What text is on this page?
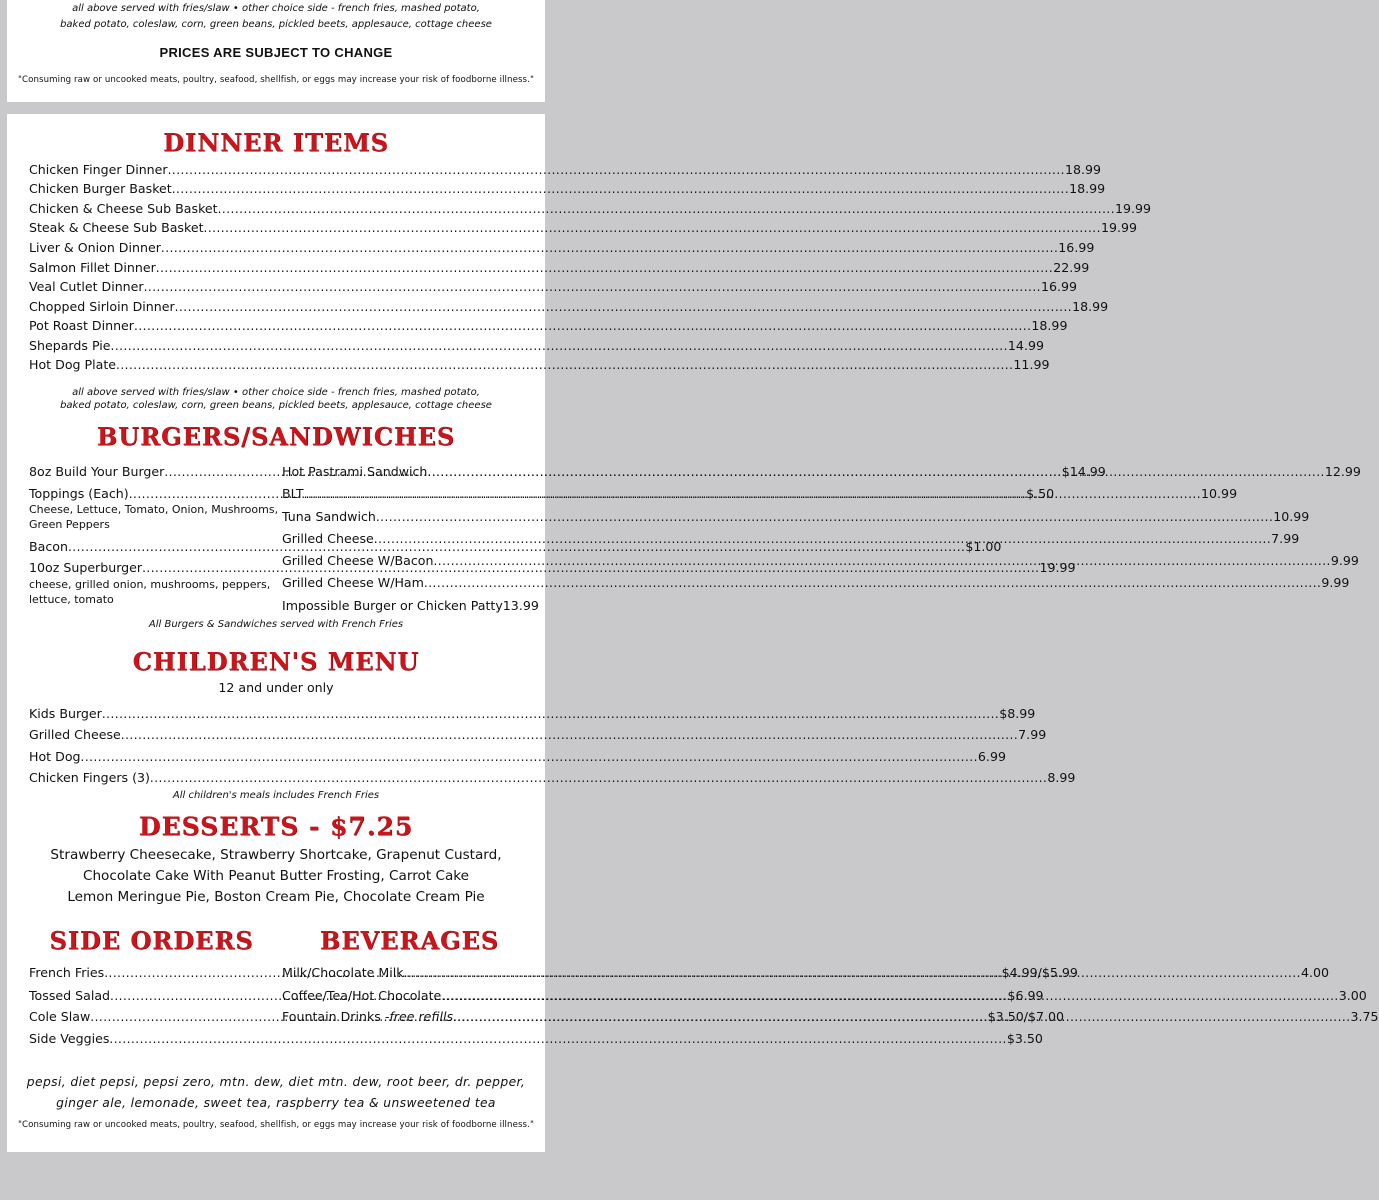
all above served with fries/slaw • other choice side - french fries, mashed potato,
baked potato, coleslaw, corn, green beans, pickled beets, applesauce, cottage cheese
PRICES ARE SUBJECT TO CHANGE
"Consuming raw or uncooked meats, poultry, seafood, shellfish, or eggs may increase your risk of foodborne illness."
DINNER ITEMS
Chicken Finger Dinner .....	18.99
Chicken Burger Basket .....	18.99
Chicken & Cheese Sub Basket .....	19.99
Steak & Cheese Sub Basket .....	19.99
Liver & Onion Dinner .....	16.99
Salmon Fillet Dinner .....	22.99
Veal Cutlet Dinner .....	16.99
Chopped Sirloin Dinner .....	18.99
Pot Roast Dinner .....	18.99
Shepards Pie .....	14.99
Hot Dog Plate .....	11.99
all above served with fries/slaw • other choice side - french fries, mashed potato,
baked potato, coleslaw, corn, green beans, pickled beets, applesauce, cottage cheese
BURGERS/SANDWICHES
8oz Build Your Burger .....	$14.99
Toppings (Each) .....	$.50
Bacon .....	$1.00
10oz Superburger .....	19.99
Cheese, Lettuce, Tomato, Onion, Mushrooms,
Green Peppers
cheese, grilled onion, mushrooms, peppers,
lettuce, tomato
Hot Pastrami Sandwich .....	12.99
BLT .....	10.99
Tuna Sandwich .....	10.99
Grilled Cheese .....	7.99
Grilled Cheese W/Bacon .....	9.99
Grilled Cheese W/Ham .....	9.99
Impossible Burger or Chicken Patty 13.99
All Burgers & Sandwiches served with French Fries
CHILDREN'S MENU
12 and under only
Kids Burger .....	$8.99
Grilled Cheese .....	7.99
Hot Dog .....	6.99
Chicken Fingers (3) .....	8.99
All children's meals includes French Fries
DESSERTS - $7.25
Strawberry Cheesecake, Strawberry Shortcake, Grapenut Custard,
Chocolate Cake With Peanut Butter Frosting, Carrot Cake
Lemon Meringue Pie, Boston Cream Pie, Chocolate Cream Pie
SIDE ORDERS	BEVERAGES
French Fries .....	$4.99/$5.99
Tossed Salad .....	$6.99
Cole Slaw .....	$3.50/$7.00
Side Veggies .....	$3.50
Milk/Chocolate Milk .....	4.00
Coffee/Tea/Hot Chocolate .....	3.00
Fountain Drinks - free refills .....	3.75
pepsi, diet pepsi, pepsi zero, mtn. dew, diet mtn. dew, root beer, dr. pepper,
ginger ale, lemonade, sweet tea, raspberry tea & unsweetened tea
"Consuming raw or uncooked meats, poultry, seafood, shellfish, or eggs may increase your risk of foodborne illness."
